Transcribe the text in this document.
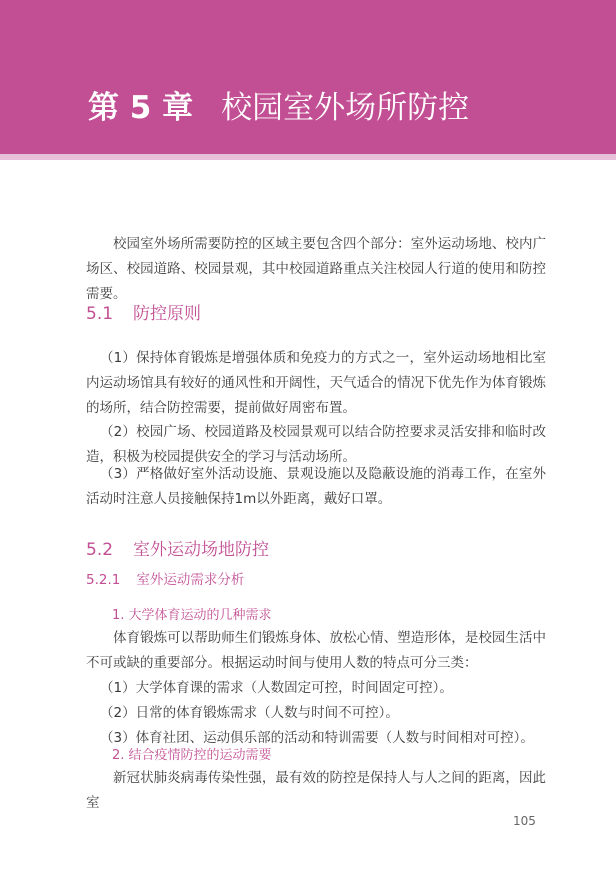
第 5 章 校园室外场所防控

校园室外场所需要防控的区域主要包含四个部分：室外运动场地、校内广场区、校园道路、校园景观，其中校园道路重点关注校园人行道的使用和防控需要。

5.1 防控原则

（1）保持体育锻炼是增强体质和免疫力的方式之一，室外运动场地相比室内运动场馆具有较好的通风性和开阔性，天气适合的情况下优先作为体育锻炼的场所，结合防控需要，提前做好周密布置。

（2）校园广场、校园道路及校园景观可以结合防控要求灵活安排和临时改造，积极为校园提供安全的学习与活动场所。

（3）严格做好室外活动设施、景观设施以及隐蔽设施的消毒工作，在室外活动时注意人员接触保持1m以外距离，戴好口罩。

5.2 室外运动场地防控
5.2.1 室外运动需求分析
1. 大学体育运动的几种需求

体育锻炼可以帮助师生们锻炼身体、放松心情、塑造形体，是校园生活中不可或缺的重要部分。根据运动时间与使用人数的特点可分三类：

（1）大学体育课的需求（人数固定可控，时间固定可控）。

（2）日常的体育锻炼需求（人数与时间不可控）。

（3）体育社团、运动俱乐部的活动和特训需要（人数与时间相对可控）。

2. 结合疫情防控的运动需要

新冠状肺炎病毒传染性强，最有效的防控是保持人与人之间的距离，因此室

105
